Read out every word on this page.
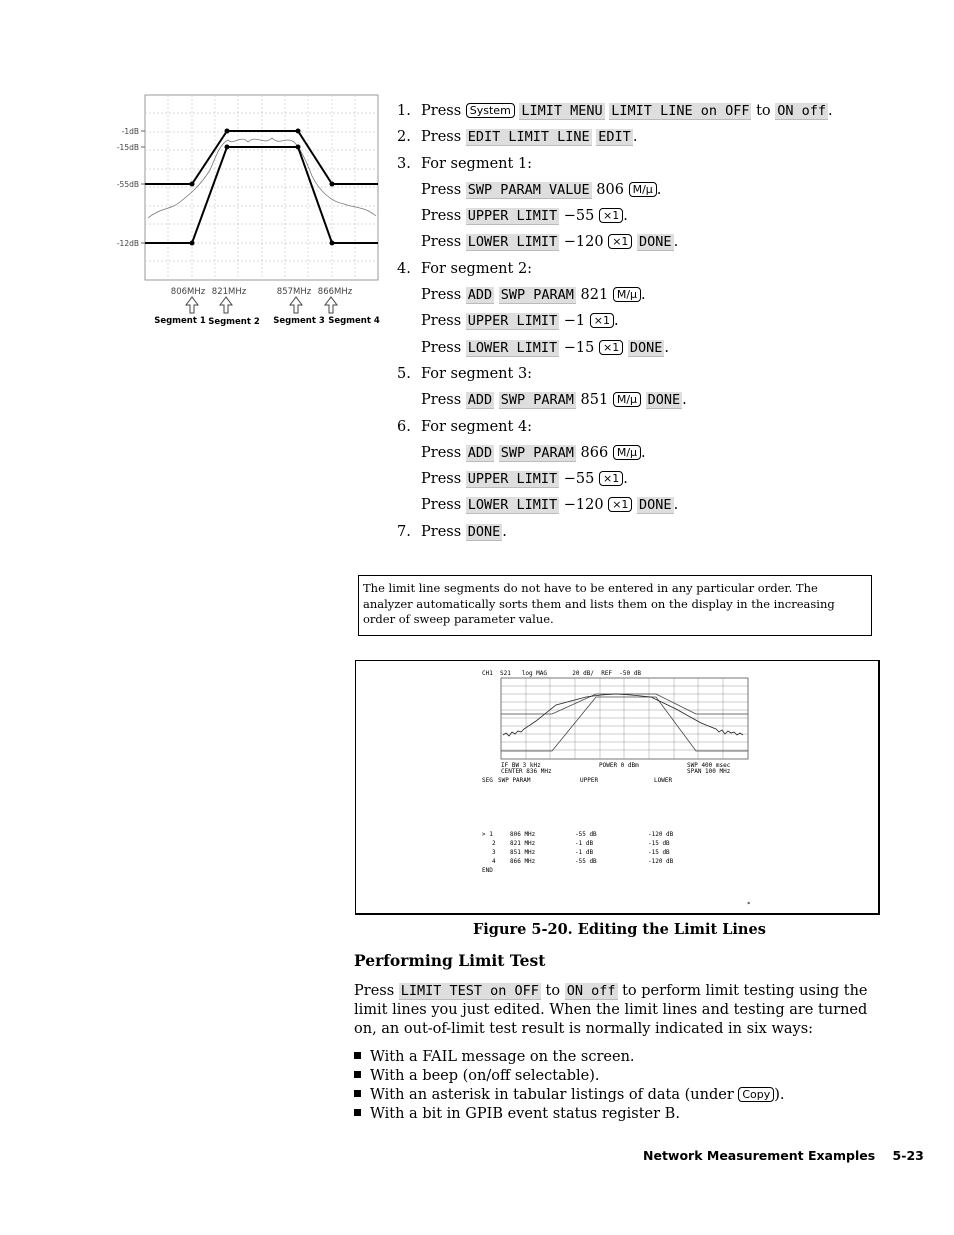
-1dB
-15dB
-55dB
-12dB
806MHz 821MHz	857MHz 866MHz
Segment 1 Segment 2 Segment 3 Segment 4
1. Press System LIMIT MENU LIMIT LINE on OFF to ON off .
2. Press EDIT LIMIT LINE EDIT .
3. For segment 1:
Press SWP PARAM VALUE 806 M/μ .
Press UPPER LIMIT −55 ×1 .
Press LOWER LIMIT −120 ×1 DONE .
4. For segment 2:
Press ADD SWP PARAM 821 M/μ .
Press UPPER LIMIT −1 ×1 .
Press LOWER LIMIT −15 ×1 DONE .
5. For segment 3:
Press ADD SWP PARAM 851 M/μ DONE .
6. For segment 4:
Press ADD SWP PARAM 866 M/μ .
Press UPPER LIMIT −55 ×1 .
Press LOWER LIMIT −120 ×1 DONE .
7. Press DONE .
The limit line segments do not have to be entered in any particular order. The analyzer automatically sorts them and lists them on the display in the increasing order of sweep parameter value.
CH1  S21   log MAG       20 dB/  REF  -50 dB
IF BW 3 kHz
CENTER 836 MHz
POWER 0 dBm	SWP 400 msec
SPAN 100 MHz
SEG SWP PARAM	UPPER	LOWER
> 1	806 MHz	-55 dB	-120 dB
2 821 MHz	-1 dB	-15 dB
3 851 MHz	-1 dB	-15 dB
4 866 MHz	-55 dB	-120 dB
END
*
Figure 5-20. Editing the Limit Lines
Performing Limit Test
Press LIMIT TEST on OFF to ON off to perform limit testing using the limit lines you just edited. When the limit lines and testing are turned on, an out-of-limit test result is normally indicated in six ways:
With a FAIL message on the screen.
With a beep (on/off selectable).
With an asterisk in tabular listings of data (under Copy ).
With a bit in GPIB event status register B.
Network Measurement Examples    5-23
